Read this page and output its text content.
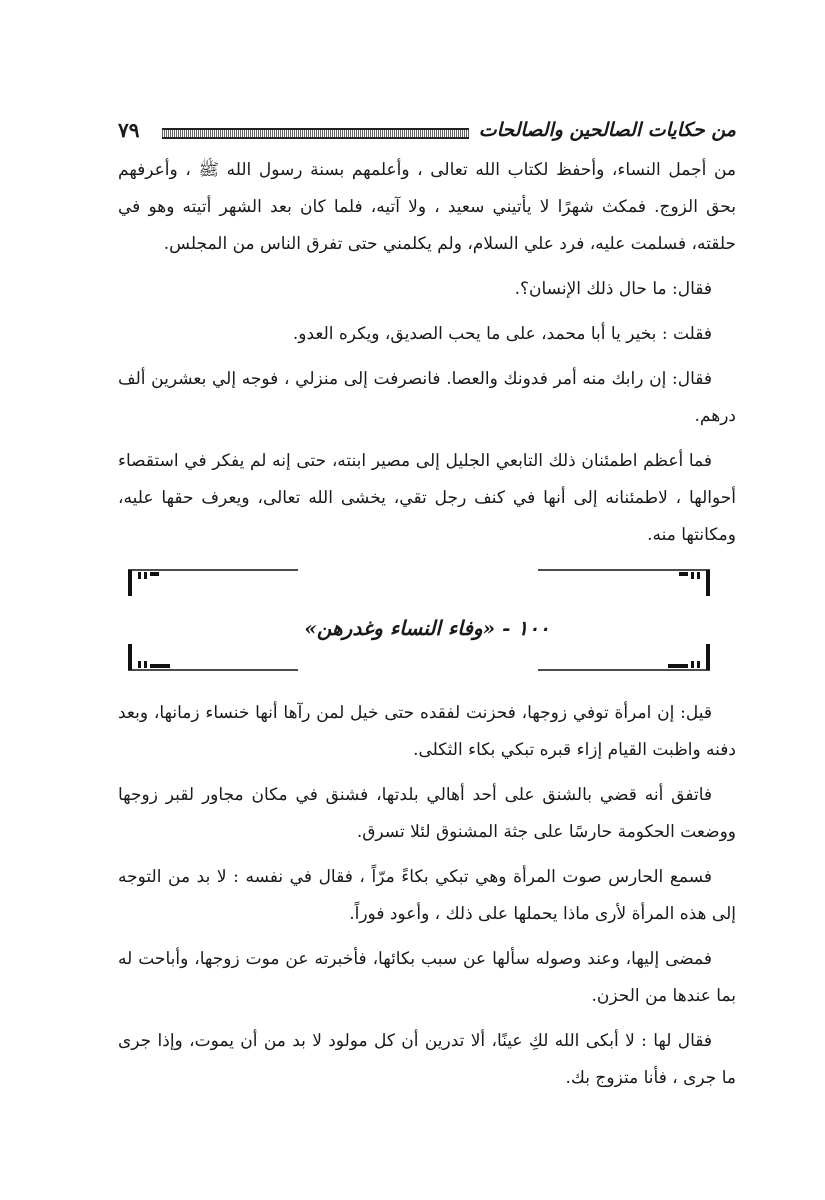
٧٩	من حكايات الصالحين والصالحات

من أجمل النساء، وأحفظ لكتاب الله تعالى ، وأعلمهم بسنة رسول الله ﷺ ، وأعرفهم بحق الزوج. فمكث شهرًا لا يأتيني سعيد ، ولا آتيه، فلما كان بعد الشهر أتيته وهو في حلقته، فسلمت عليه، فرد علي السلام، ولم يكلمني حتى تفرق الناس من المجلس.

فقال: ما حال ذلك الإنسان؟.

فقلت : بخير يا أبا محمد، على ما يحب الصديق، ويكره العدو.

فقال: إن رابك منه أمر فدونك والعصا. فانصرفت إلى منزلي ، فوجه إلي بعشرين ألف درهم.

فما أعظم اطمئنان ذلك التابعي الجليل إلى مصير ابنته، حتى إنه لم يفكر في استقصاء أحوالها ، لاطمئنانه إلى أنها في كنف رجل تقي، يخشى الله تعالى، ويعرف حقها عليه، ومكانتها منه.

١٠٠ - «وفاء النساء وغدرهن»

قيل: إن امرأة توفي زوجها، فحزنت لفقده حتى خيل لمن رآها أنها خنساء زمانها، وبعد دفنه واظبت القيام إزاء قبره تبكي بكاء الثكلى.

فاتفق أنه قضي بالشنق على أحد أهالي بلدتها، فشنق في مكان مجاور لقبر زوجها ووضعت الحكومة حارسًا على جثة المشنوق لئلا تسرق.

فسمع الحارس صوت المرأة وهي تبكي بكاءً مرّاً ، فقال في نفسه : لا بد من التوجه إلى هذه المرأة لأرى ماذا يحملها على ذلك ، وأعود فوراً.

فمضى إليها، وعند وصوله سألها عن سبب بكائها، فأخبرته عن موت زوجها، وأباحت له بما عندها من الحزن.

فقال لها : لا أبكى الله لكِ عينًا، ألا تدرين أن كل مولود لا بد من أن يموت، وإذا جرى ما جرى ، فأنا متزوج بك.
